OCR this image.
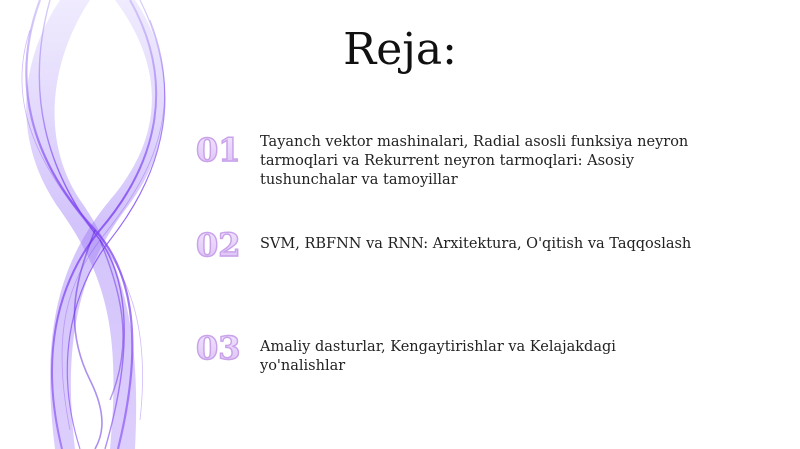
Reja:
01	Tayanch vektor mashinalari, Radial asosli funksiya neyron tarmoqlari va Rekurrent neyron tarmoqlari: Asosiy tushunchalar va tamoyillar
02	SVM, RBFNN va RNN: Arxitektura, O'qitish va Taqqoslash
03	Amaliy dasturlar, Kengaytirishlar va Kelajakdagi yo'nalishlar
